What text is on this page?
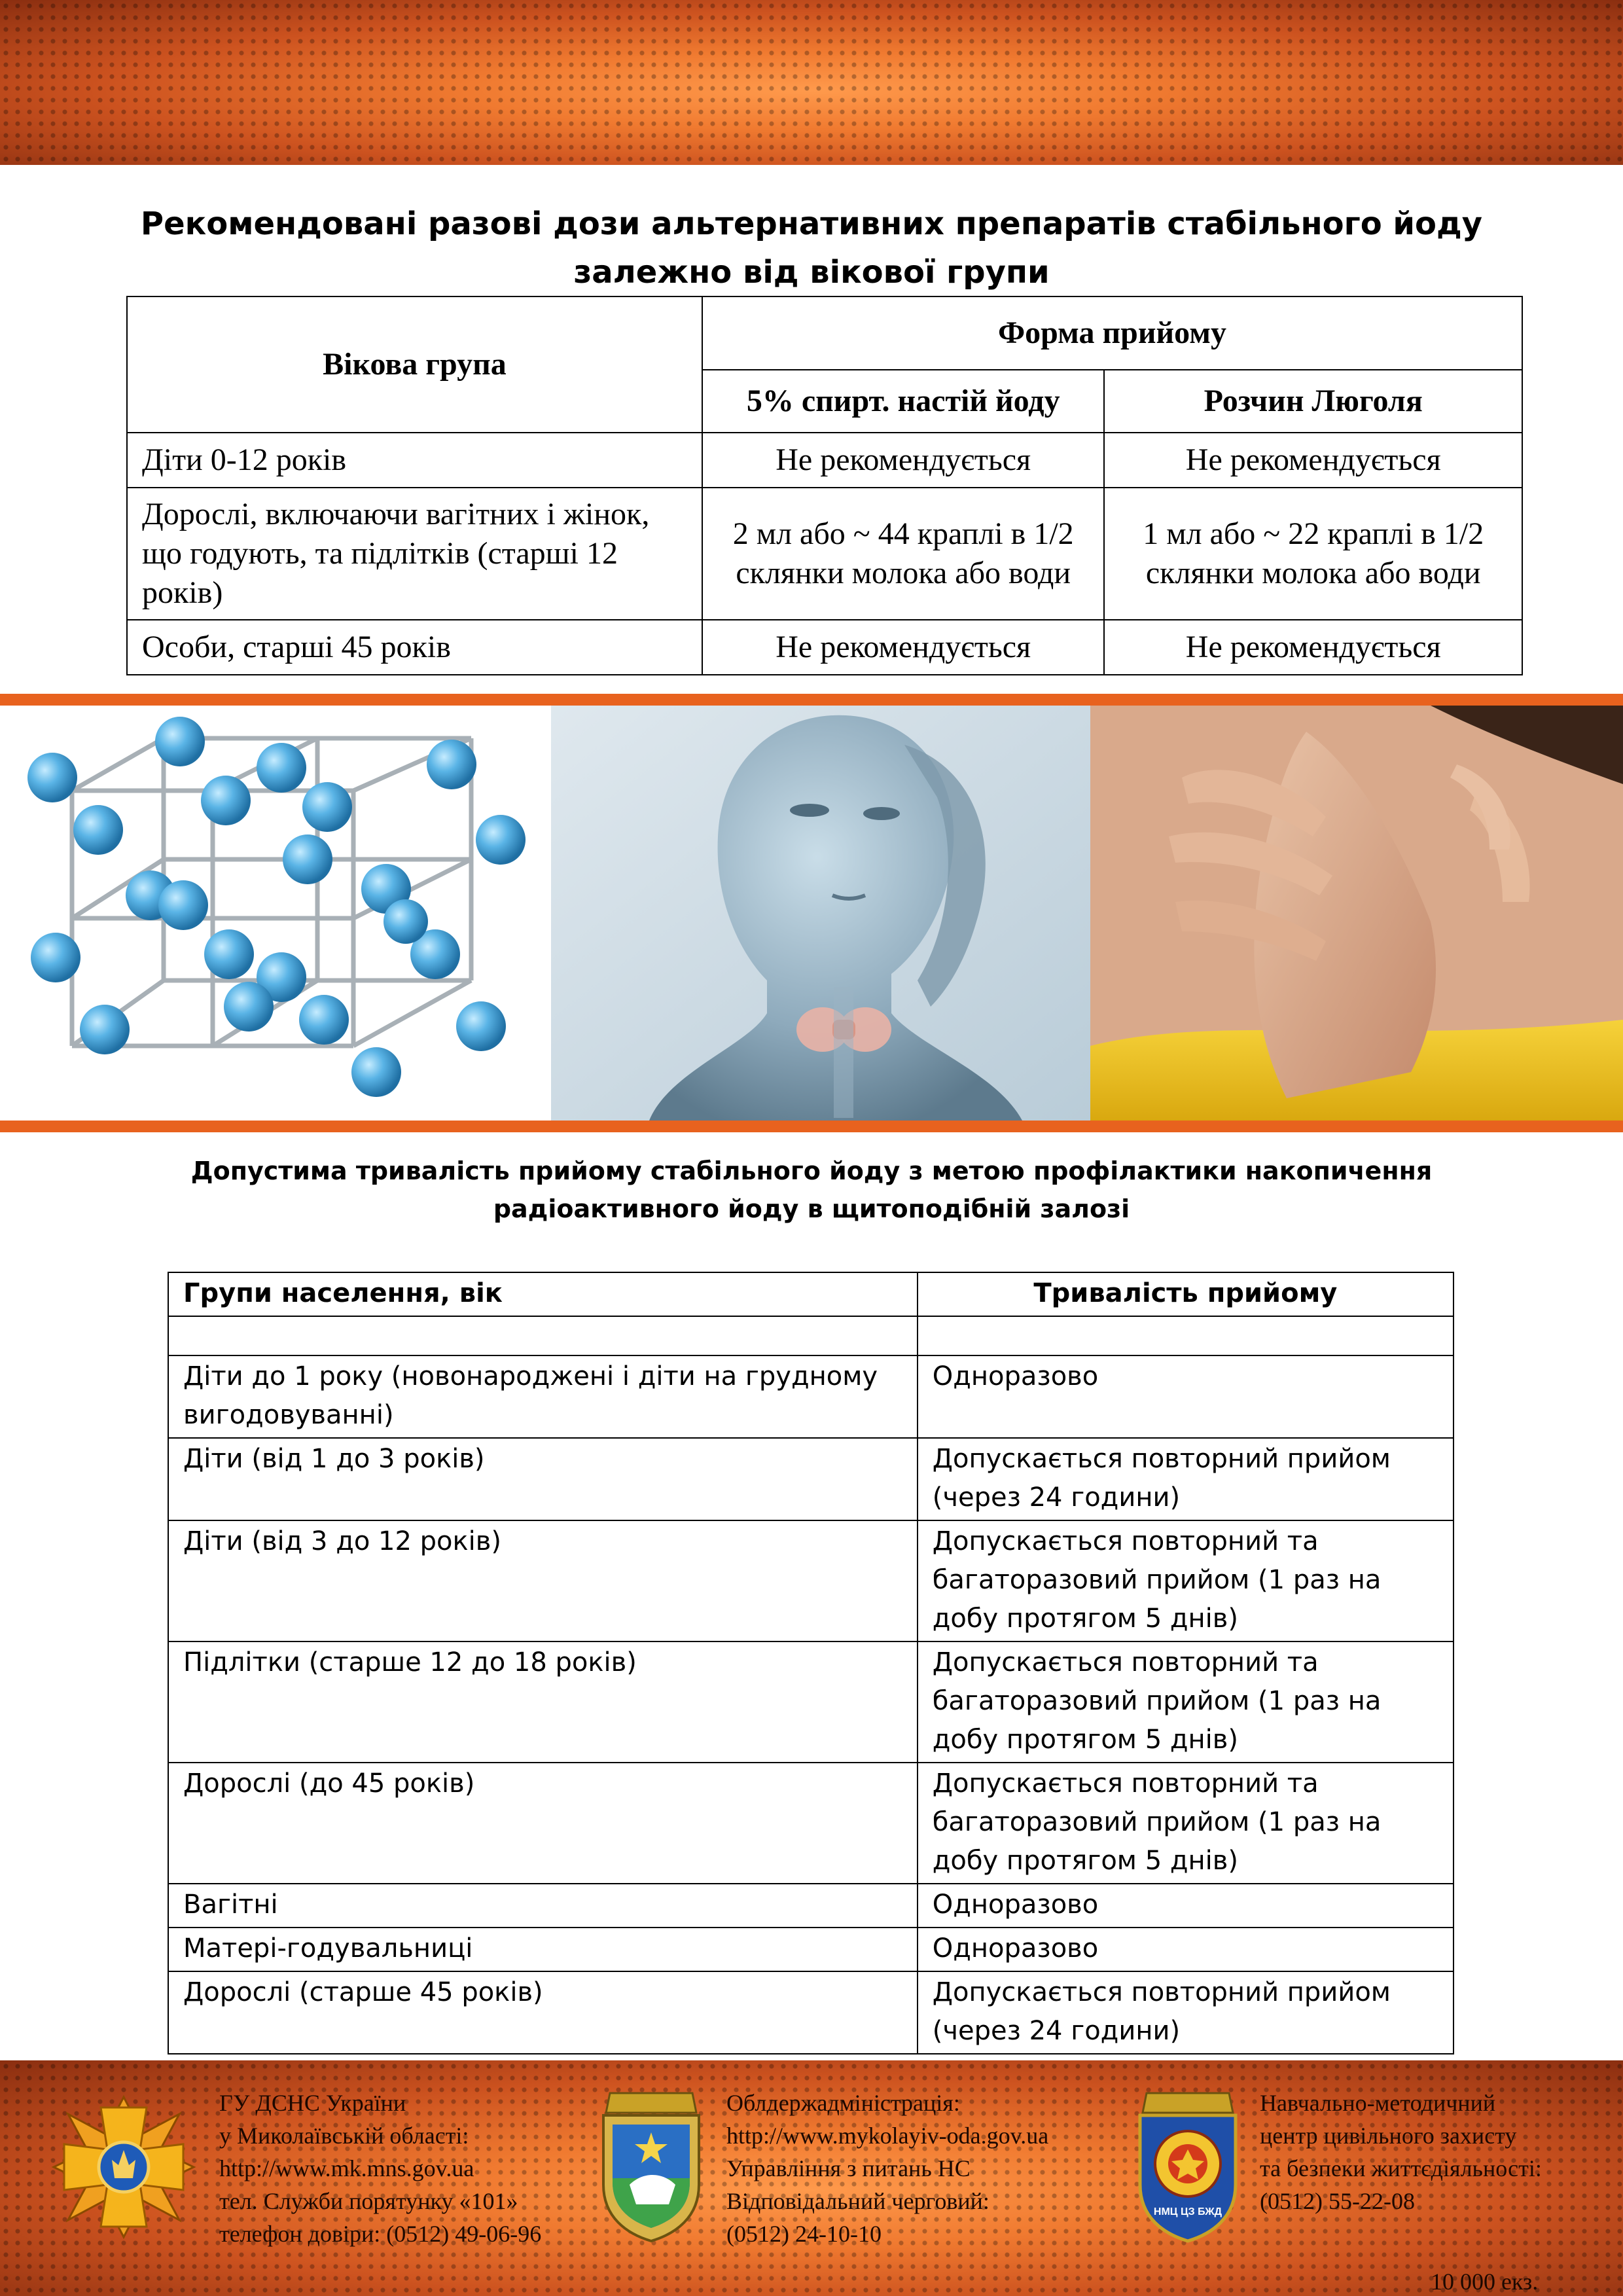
Рекомендовані разові дози альтернативних препаратів стабільного йоду
залежно від вікової групи
Вікова група	Форма прийому	
	5% спирт. настій йоду	Розчин Люголя
Діти 0-12 років	Не рекомендується	Не рекомендується
Дорослі, включаючи вагітних і жінок, що годують, та підлітків (старші 12 років)	2 мл або ~ 44 краплі в 1/2 склянки молока або води	1 мл або ~ 22 краплі в 1/2 склянки молока або води
Особи, старші 45 років	Не рекомендується	Не рекомендується
Допустима тривалість прийому стабільного йоду з метою профілактики накопичення
радіоактивного йоду в щитоподібній залозі
Групи населення, вік	Тривалість прийому

Діти до 1 року (новонароджені і діти на грудному вигодовуванні)	Одноразово
Діти (від 1 до 3 років)	Допускається повторний прийом (через 24 години)
Діти (від 3 до 12 років)	Допускається повторний та багаторазовий прийом (1 раз на добу протягом 5 днів)
Підлітки (старше 12 до 18 років)	Допускається повторний та багаторазовий прийом (1 раз на добу протягом 5 днів)
Дорослі (до 45 років)	Допускається повторний та багаторазовий прийом (1 раз на добу протягом 5 днів)
Вагітні	Одноразово
Матері-годувальниці	Одноразово
Дорослі (старше 45 років)	Допускається повторний прийом (через 24 години)
ГУ ДСНС України
у Миколаївській області:
http://www.mk.mns.gov.ua
тел. Служби порятунку «101»
телефон довіри: (0512) 49-06-96
Облдержадміністрація:
http://www.mykolayiv-oda.gov.ua
Управління з питань НС
Відповідальний черговий:
(0512) 24-10-10
НМЦ ЦЗ БЖД
Навчально-методичний
центр цивільного захисту
та безпеки життєдіяльності:
(0512) 55-22-08
10 000 екз.
